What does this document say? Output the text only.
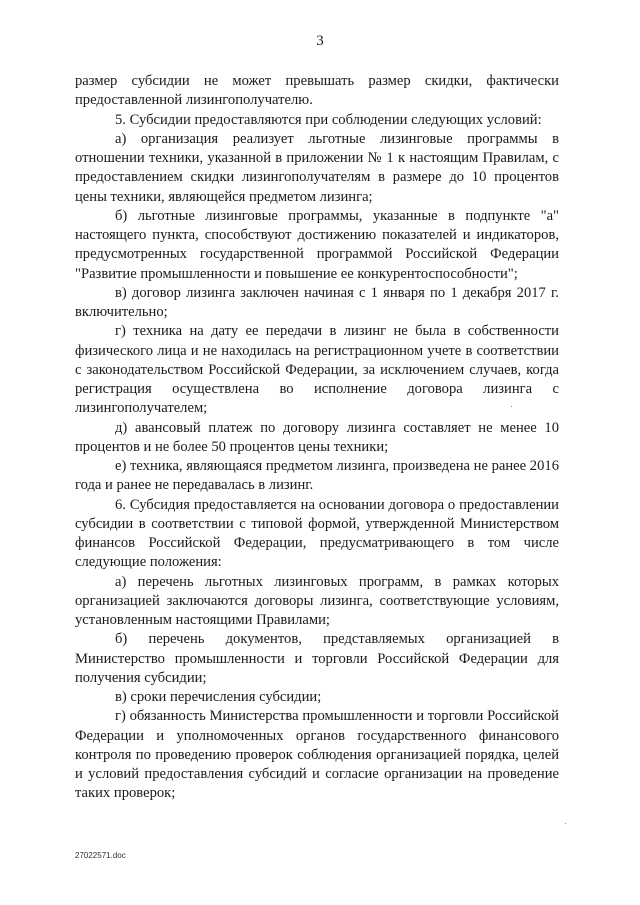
3

размер субсидии не может превышать размер скидки, фактически предоставленной лизингополучателю.

5. Субсидии предоставляются при соблюдении следующих условий:

а) организация реализует льготные лизинговые программы в отношении техники, указанной в приложении № 1 к настоящим Правилам, с предоставлением скидки лизингополучателям в размере до 10 процентов цены техники, являющейся предметом лизинга;

б) льготные лизинговые программы, указанные в подпункте "а" настоящего пункта, способствуют достижению показателей и индикаторов, предусмотренных государственной программой Российской Федерации "Развитие промышленности и повышение ее конкурентоспособности";

в) договор лизинга заключен начиная с 1 января по 1 декабря 2017 г. включительно;

г) техника на дату ее передачи в лизинг не была в собственности физического лица и не находилась на регистрационном учете в соответствии с законодательством Российской Федерации, за исключением случаев, когда регистрация осуществлена во исполнение договора лизинга с лизингополучателем;

д) авансовый платеж по договору лизинга составляет не менее 10 процентов и не более 50 процентов цены техники;

е) техника, являющаяся предметом лизинга, произведена не ранее 2016 года и ранее не передавалась в лизинг.

6. Субсидия предоставляется на основании договора о предоставлении субсидии в соответствии с типовой формой, утвержденной Министерством финансов Российской Федерации, предусматривающего в том числе следующие положения:

а) перечень льготных лизинговых программ, в рамках которых организацией заключаются договоры лизинга, соответствующие условиям, установленным настоящими Правилами;

б) перечень документов, представляемых организацией в Министерство промышленности и торговли Российской Федерации для получения субсидии;

в) сроки перечисления субсидии;

г) обязанность Министерства промышленности и торговли Российской Федерации и уполномоченных органов государственного финансового контроля по проведению проверок соблюдения организацией порядка, целей и условий предоставления субсидий и согласие организации на проведение таких проверок;

27022571.doc
